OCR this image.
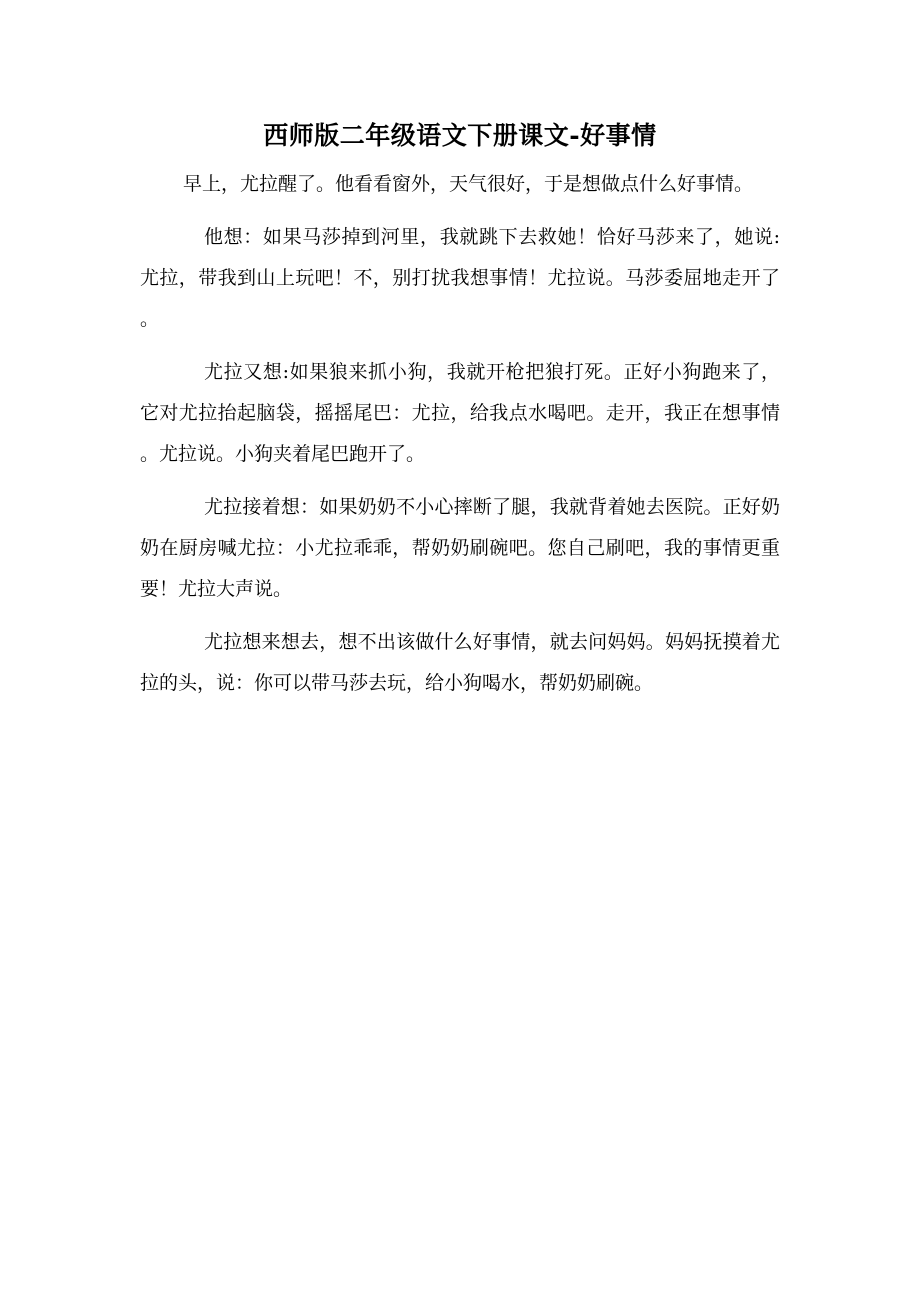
西师版二年级语文下册课文-好事情

早上，尤拉醒了。他看看窗外，天气很好，于是想做点什么好事情。

他想：如果马莎掉到河里，我就跳下去救她！恰好马莎来了，她说:尤拉，带我到山上玩吧！不，别打扰我想事情！尤拉说。马莎委屈地走开了。

尤拉又想:如果狼来抓小狗，我就开枪把狼打死。正好小狗跑来了，它对尤拉抬起脑袋，摇摇尾巴：尤拉，给我点水喝吧。走开，我正在想事情。尤拉说。小狗夹着尾巴跑开了。

尤拉接着想：如果奶奶不小心摔断了腿，我就背着她去医院。正好奶奶在厨房喊尤拉：小尤拉乖乖，帮奶奶刷碗吧。您自己刷吧，我的事情更重要！尤拉大声说。

尤拉想来想去，想不出该做什么好事情，就去问妈妈。妈妈抚摸着尤拉的头，说：你可以带马莎去玩，给小狗喝水，帮奶奶刷碗。
